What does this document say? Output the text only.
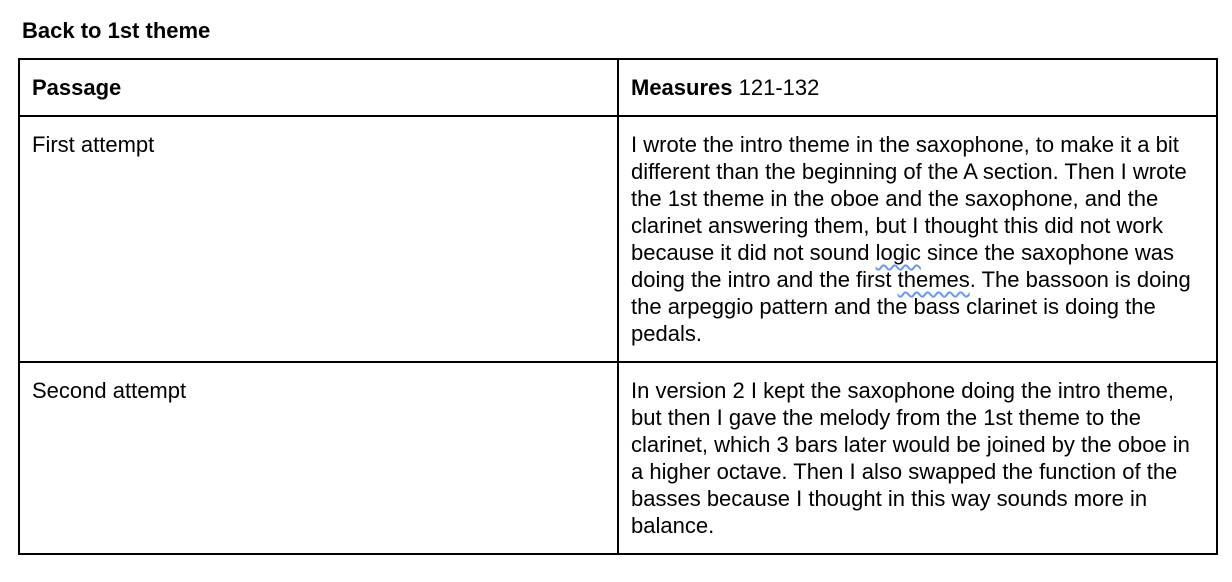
Back to 1st theme
Passage	Measures 121-132
First attempt	I wrote the intro theme in the saxophone, to make it a bit different than the beginning of the A section. Then I wrote the 1st theme in the oboe and the saxophone, and the clarinet answering them, but I thought this did not work because it did not sound logic since the saxophone was doing the intro and the first themes. The bassoon is doing the arpeggio pattern and the bass clarinet is doing the pedals.
Second attempt	In version 2 I kept the saxophone doing the intro theme, but then I gave the melody from the 1st theme to the clarinet, which 3 bars later would be joined by the oboe in a higher octave. Then I also swapped the function of the basses because I thought in this way sounds more in balance.
